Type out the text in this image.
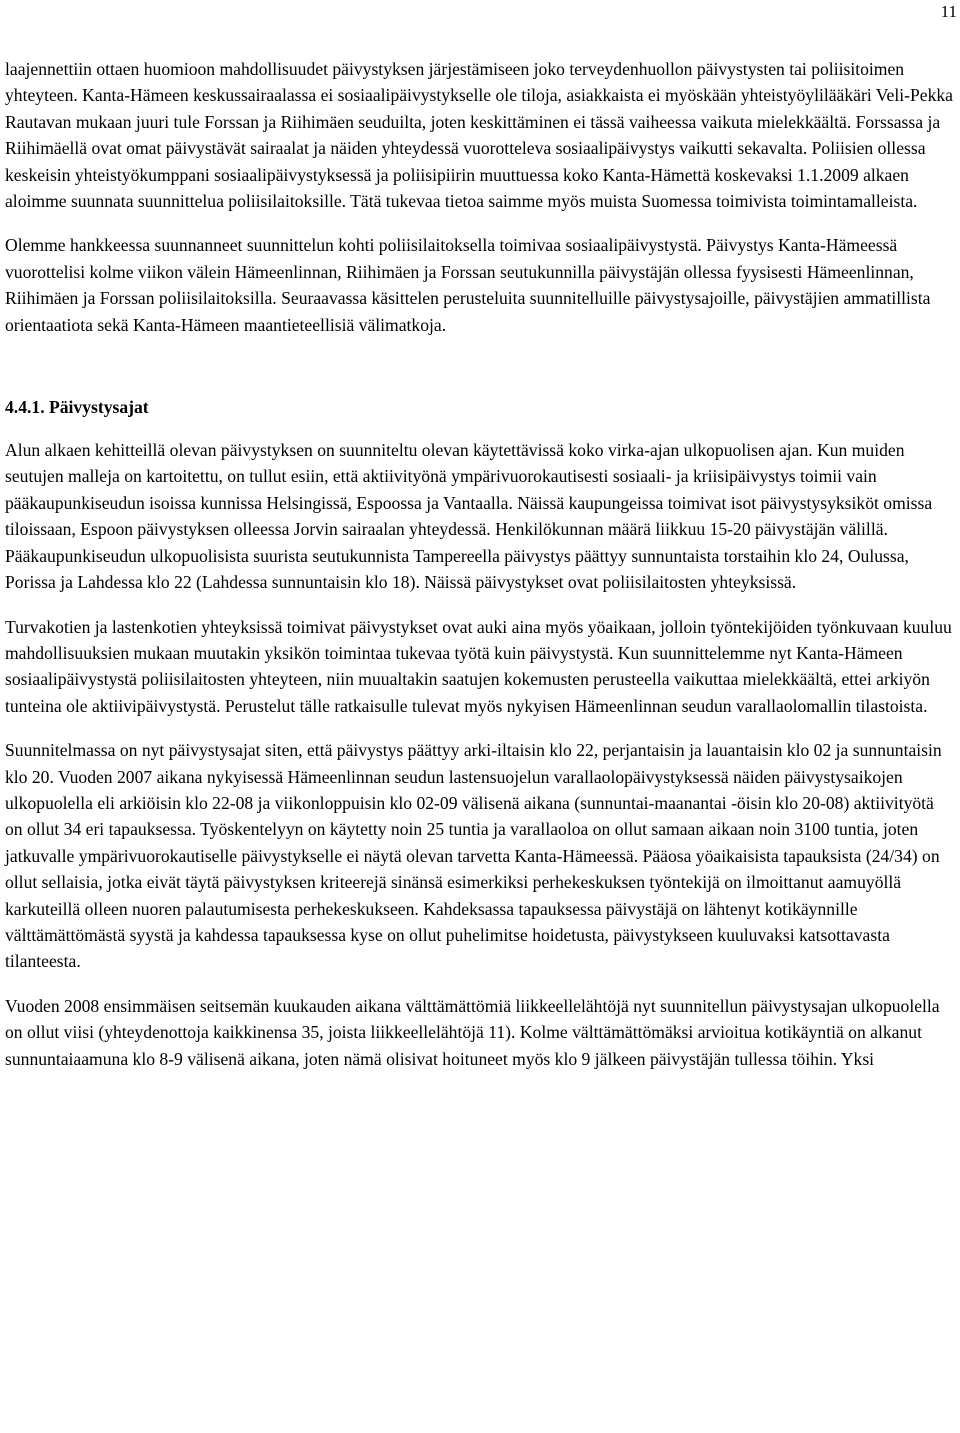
11

laajennettiin ottaen huomioon mahdollisuudet päivystyksen järjestämiseen joko terveydenhuollon päivystysten tai poliisitoimen yhteyteen. Kanta-Hämeen keskussairaalassa ei sosiaalipäivystykselle ole tiloja, asiakkaista ei myöskään yhteistyöylilääkäri Veli-Pekka Rautavan mukaan juuri tule Forssan ja Riihimäen seuduilta, joten keskittäminen ei tässä vaiheessa vaikuta mielekkäältä. Forssassa ja Riihimäellä ovat omat päivystävät sairaalat ja näiden yhteydessä vuorotteleva sosiaalipäivystys vaikutti sekavalta. Poliisien ollessa keskeisin yhteistyökumppani sosiaalipäivystyksessä ja poliisipiirin muuttuessa koko Kanta-Hämettä koskevaksi 1.1.2009 alkaen aloimme suunnata suunnittelua poliisilaitoksille. Tätä tukevaa tietoa saimme myös muista Suomessa toimivista toimintamalleista.

Olemme hankkeessa suunnanneet suunnittelun kohti poliisilaitoksella toimivaa sosiaalipäivystystä. Päivystys Kanta-Hämeessä vuorottelisi kolme viikon välein Hämeenlinnan, Riihimäen ja Forssan seutukunnilla päivystäjän ollessa fyysisesti Hämeenlinnan, Riihimäen ja Forssan poliisilaitoksilla. Seuraavassa käsittelen perusteluita suunnitelluille päivystysajoille, päivystäjien ammatillista orientaatiota sekä Kanta-Hämeen maantieteellisiä välimatkoja.

4.4.1. Päivystysajat

Alun alkaen kehitteillä olevan päivystyksen on suunniteltu olevan käytettävissä koko virka-ajan ulkopuolisen ajan. Kun muiden seutujen malleja on kartoitettu, on tullut esiin, että aktiivityönä ympärivuorokautisesti sosiaali- ja kriisipäivystys toimii vain pääkaupunkiseudun isoissa kunnissa Helsingissä, Espoossa ja Vantaalla. Näissä kaupungeissa toimivat isot päivystysyksiköt omissa tiloissaan, Espoon päivystyksen olleessa Jorvin sairaalan yhteydessä. Henkilökunnan määrä liikkuu 15-20 päivystäjän välillä. Pääkaupunkiseudun ulkopuolisista suurista seutukunnista Tampereella päivystys päättyy sunnuntaista torstaihin klo 24, Oulussa, Porissa ja Lahdessa klo 22 (Lahdessa sunnuntaisin klo 18). Näissä päivystykset ovat poliisilaitosten yhteyksissä.

Turvakotien ja lastenkotien yhteyksissä toimivat päivystykset ovat auki aina myös yöaikaan, jolloin työntekijöiden työnkuvaan kuuluu mahdollisuuksien mukaan muutakin yksikön toimintaa tukevaa työtä kuin päivystystä. Kun suunnittelemme nyt Kanta-Hämeen sosiaalipäivystystä poliisilaitosten yhteyteen, niin muualtakin saatujen kokemusten perusteella vaikuttaa mielekkäältä, ettei arkiyön tunteina ole aktiivipäivystystä. Perustelut tälle ratkaisulle tulevat myös nykyisen Hämeenlinnan seudun varallaolomallin tilastoista.

Suunnitelmassa on nyt päivystysajat siten, että päivystys päättyy arki-iltaisin klo 22, perjantaisin ja lauantaisin klo 02 ja sunnuntaisin klo 20. Vuoden 2007 aikana nykyisessä Hämeenlinnan seudun lastensuojelun varallaolopäivystyksessä näiden päivystysaikojen ulkopuolella eli arkiöisin klo 22-08 ja viikonloppuisin klo 02-09 välisenä aikana (sunnuntai-maanantai -öisin klo 20-08) aktiivityötä on ollut 34 eri tapauksessa. Työskentelyyn on käytetty noin 25 tuntia ja varallaoloa on ollut samaan aikaan noin 3100 tuntia, joten jatkuvalle ympärivuorokautiselle päivystykselle ei näytä olevan tarvetta Kanta-Hämeessä. Pääosa yöaikaisista tapauksista (24/34) on ollut sellaisia, jotka eivät täytä päivystyksen kriteerejä sinänsä esimerkiksi perhekeskuksen työntekijä on ilmoittanut aamuyöllä karkuteillä olleen nuoren palautumisesta perhekeskukseen. Kahdeksassa tapauksessa päivystäjä on lähtenyt kotikäynnille välttämättömästä syystä ja kahdessa tapauksessa kyse on ollut puhelimitse hoidetusta, päivystykseen kuuluvaksi katsottavasta tilanteesta.

Vuoden 2008 ensimmäisen seitsemän kuukauden aikana välttämättömiä liikkeellelähtöjä nyt suunnitellun päivystysajan ulkopuolella on ollut viisi (yhteydenottoja kaikkinensa 35, joista liikkeellelähtöjä 11). Kolme välttämättömäksi arvioitua kotikäyntiä on alkanut sunnuntaiaamuna klo 8-9 välisenä aikana, joten nämä olisivat hoituneet myös klo 9 jälkeen päivystäjän tullessa töihin. Yksi
